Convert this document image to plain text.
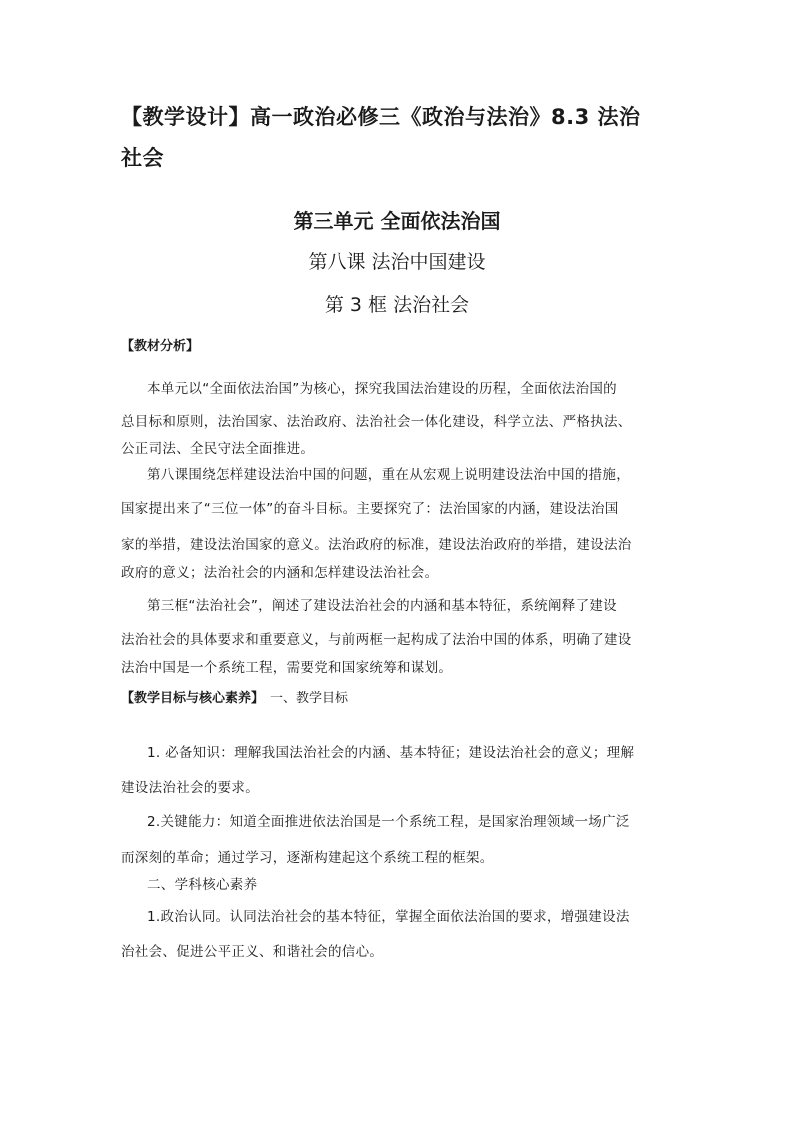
【教学设计】高一政治必修三《政治与法治》8.3 法治
社会
第三单元 全面依法治国
第八课 法治中国建设
第 3 框 法治社会
【教材分析】
本单元以“全面依法治国”为核心，探究我国法治建设的历程，全面依法治国的
总目标和原则，法治国家、法治政府、法治社会一体化建设，科学立法、严格执法、
公正司法、全民守法全面推进。
第八课围绕怎样建设法治中国的问题，重在从宏观上说明建设法治中国的措施，
国家提出来了“三位一体”的奋斗目标。主要探究了：法治国家的内涵，建设法治国
家的举措，建设法治国家的意义。法治政府的标准，建设法治政府的举措，建设法治
政府的意义；法治社会的内涵和怎样建设法治社会。
第三框“法治社会”，阐述了建设法治社会的内涵和基本特征，系统阐释了建设
法治社会的具体要求和重要意义，与前两框一起构成了法治中国的体系，明确了建设
法治中国是一个系统工程，需要党和国家统筹和谋划。
【教学目标与核心素养】 一、教学目标
1. 必备知识：理解我国法治社会的内涵、基本特征；建设法治社会的意义；理解
建设法治社会的要求。
2.关键能力：知道全面推进依法治国是一个系统工程，是国家治理领域一场广泛
而深刻的革命；通过学习，逐渐构建起这个系统工程的框架。
二、学科核心素养
1.政治认同。认同法治社会的基本特征，掌握全面依法治国的要求，增强建设法
治社会、促进公平正义、和谐社会的信心。
